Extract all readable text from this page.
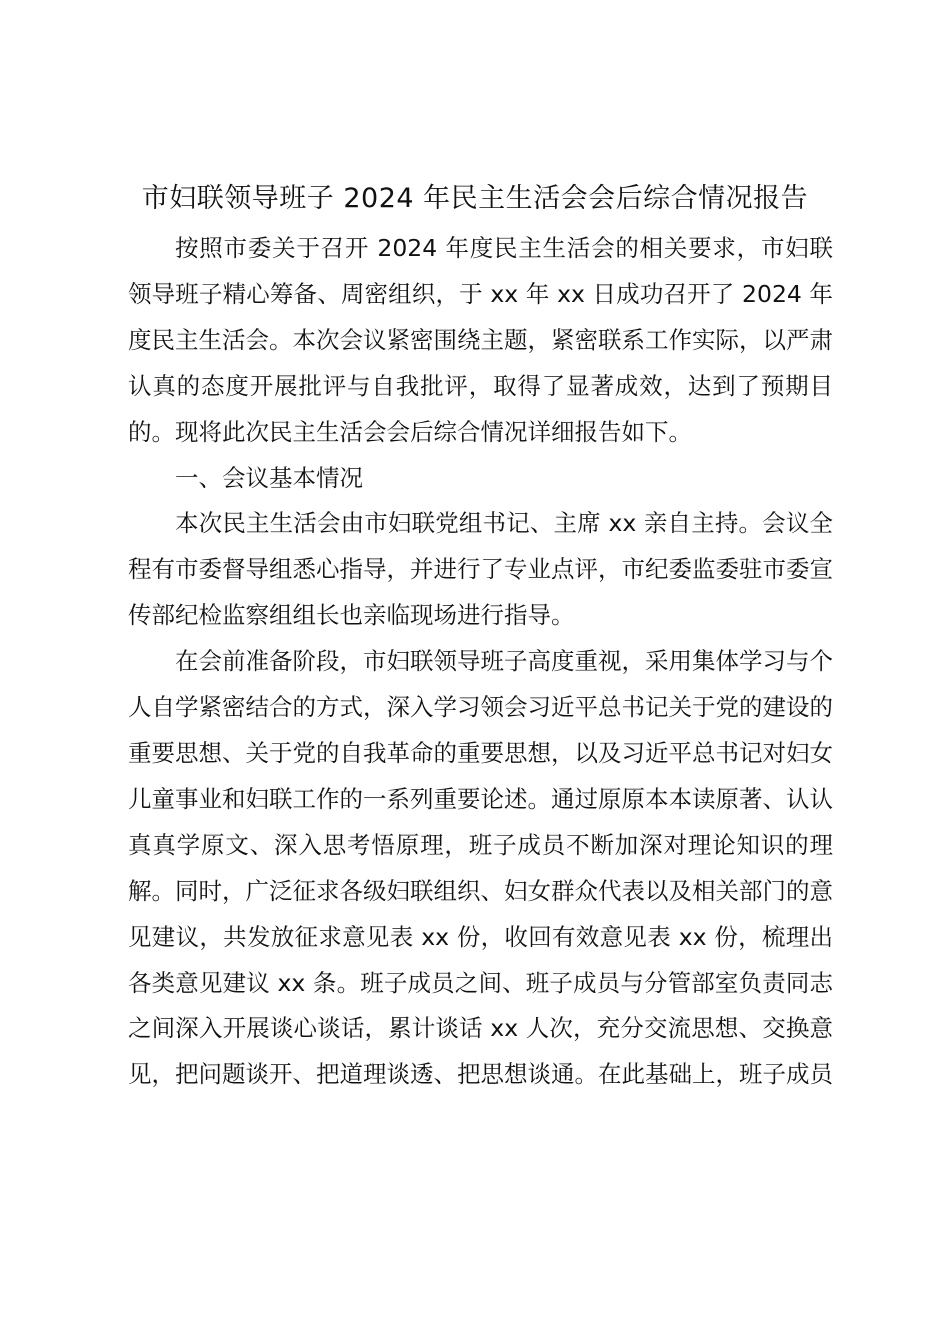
市妇联领导班子 2024 年民主生活会会后综合情况报告

按照市委关于召开 2024 年度民主生活会的相关要求，市妇联领导班子精心筹备、周密组织，于 xx 年 xx 日成功召开了 2024 年度民主生活会。本次会议紧密围绕主题，紧密联系工作实际，以严肃认真的态度开展批评与自我批评，取得了显著成效，达到了预期目的。现将此次民主生活会会后综合情况详细报告如下。

一、会议基本情况

本次民主生活会由市妇联党组书记、主席 xx 亲自主持。会议全程有市委督导组悉心指导，并进行了专业点评，市纪委监委驻市委宣传部纪检监察组组长也亲临现场进行指导。

在会前准备阶段，市妇联领导班子高度重视，采用集体学习与个人自学紧密结合的方式，深入学习领会习近平总书记关于党的建设的重要思想、关于党的自我革命的重要思想，以及习近平总书记对妇女儿童事业和妇联工作的一系列重要论述。通过原原本本读原著、认认真真学原文、深入思考悟原理，班子成员不断加深对理论知识的理解。同时，广泛征求各级妇联组织、妇女群众代表以及相关部门的意见建议，共发放征求意见表 xx 份，收回有效意见表 xx 份，梳理出各类意见建议 xx 条。班子成员之间、班子成员与分管部室负责同志之间深入开展谈心谈话，累计谈话 xx 人次，充分交流思想、交换意见，把问题谈开、把道理谈透、把思想谈通。在此基础上，班子成员
